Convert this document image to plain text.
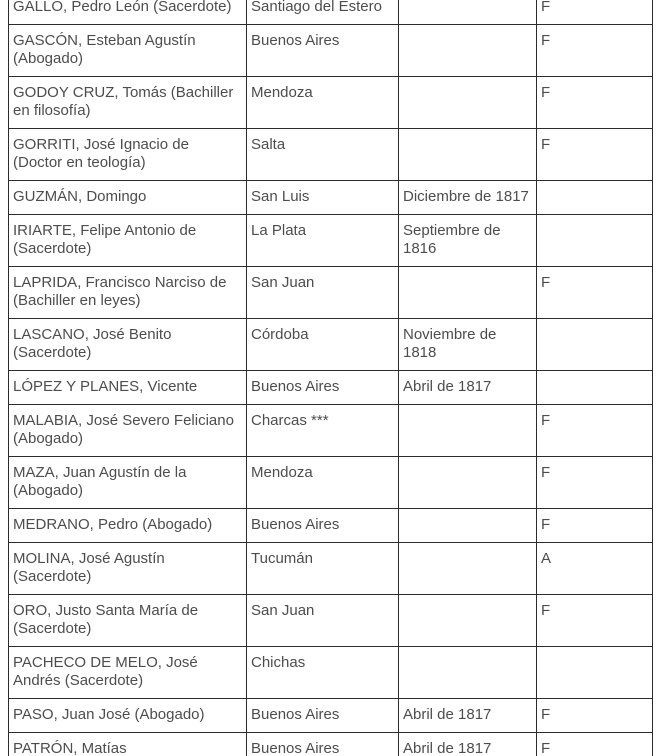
GALLO, Pedro León (Sacerdote)	Santiago del Estero		F
GASCÓN, Esteban Agustín (Abogado)	Buenos Aires		F
GODOY CRUZ, Tomás (Bachiller en filosofía)	Mendoza		F
GORRITI, José Ignacio de (Doctor en teología)	Salta		F
GUZMÁN, Domingo	San Luis	Diciembre de 1817	
IRIARTE, Felipe Antonio de (Sacerdote)	La Plata	Septiembre de 1816	
LAPRIDA, Francisco Narciso de (Bachiller en leyes)	San Juan		F
LASCANO, José Benito (Sacerdote)	Córdoba	Noviembre de 1818	
LÓPEZ Y PLANES, Vicente	Buenos Aires	Abril de 1817	
MALABIA, José Severo Feliciano (Abogado)	Charcas ***		F
MAZA, Juan Agustín de la (Abogado)	Mendoza		F
MEDRANO, Pedro (Abogado)	Buenos Aires		F
MOLINA, José Agustín (Sacerdote)	Tucumán		A
ORO, Justo Santa María de (Sacerdote)	San Juan		F
PACHECO DE MELO, José Andrés (Sacerdote)	Chichas		
PASO, Juan José (Abogado)	Buenos Aires	Abril de 1817	F
PATRÓN, Matías	Buenos Aires	Abril de 1817	F
